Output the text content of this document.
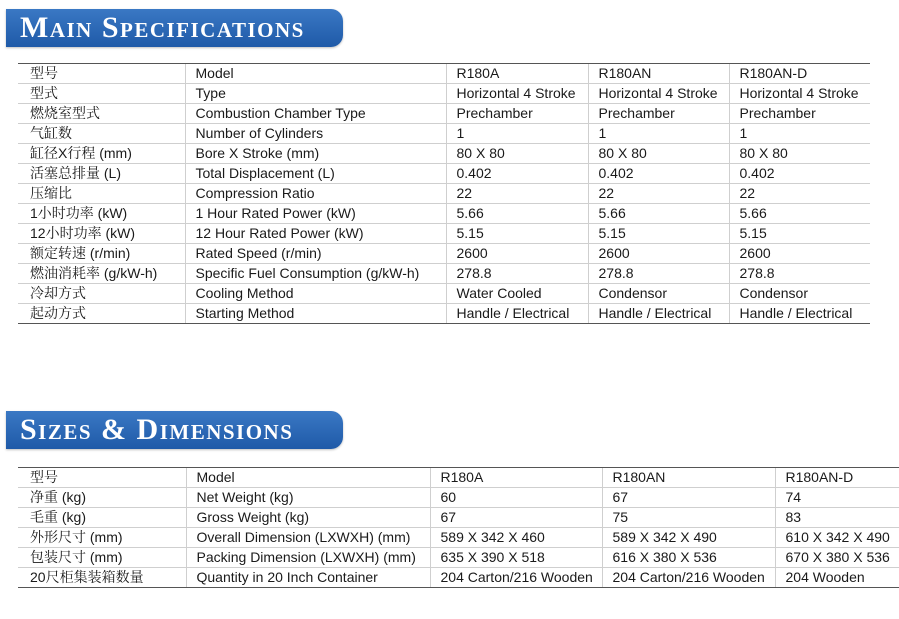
Main Specifications
型号	Model	R180A	R180AN	R180AN-D
型式	Type	Horizontal 4 Stroke	Horizontal 4 Stroke	Horizontal 4 Stroke
燃烧室型式	Combustion Chamber Type	Prechamber	Prechamber	Prechamber
气缸数	Number of Cylinders	1	1	1
缸径X行程 (mm)	Bore X Stroke (mm)	80 X 80	80 X 80	80 X 80
活塞总排量 (L)	Total Displacement (L)	0.402	0.402	0.402
压缩比	Compression Ratio	22	22	22
1小时功率 (kW)	1 Hour Rated Power (kW)	5.66	5.66	5.66
12小时功率 (kW)	12 Hour Rated Power (kW)	5.15	5.15	5.15
额定转速 (r/min)	Rated Speed (r/min)	2600	2600	2600
燃油消耗率 (g/kW-h)	Specific Fuel Consumption (g/kW-h)	278.8	278.8	278.8
冷却方式	Cooling Method	Water Cooled	Condensor	Condensor
起动方式	Starting Method	Handle / Electrical	Handle / Electrical	Handle / Electrical
Sizes & Dimensions
型号	Model	R180A	R180AN	R180AN-D
净重 (kg)	Net Weight (kg)	60	67	74
毛重 (kg)	Gross Weight (kg)	67	75	83
外形尺寸 (mm)	Overall Dimension (LXWXH) (mm)	589 X 342 X 460	589 X 342 X 490	610 X 342 X 490
包装尺寸 (mm)	Packing Dimension (LXWXH) (mm)	635 X 390 X 518	616 X 380 X 536	670 X 380 X 536
20尺柜集装箱数量	Quantity in 20 Inch Container	204 Carton/216 Wooden	204 Carton/216 Wooden	204 Wooden
